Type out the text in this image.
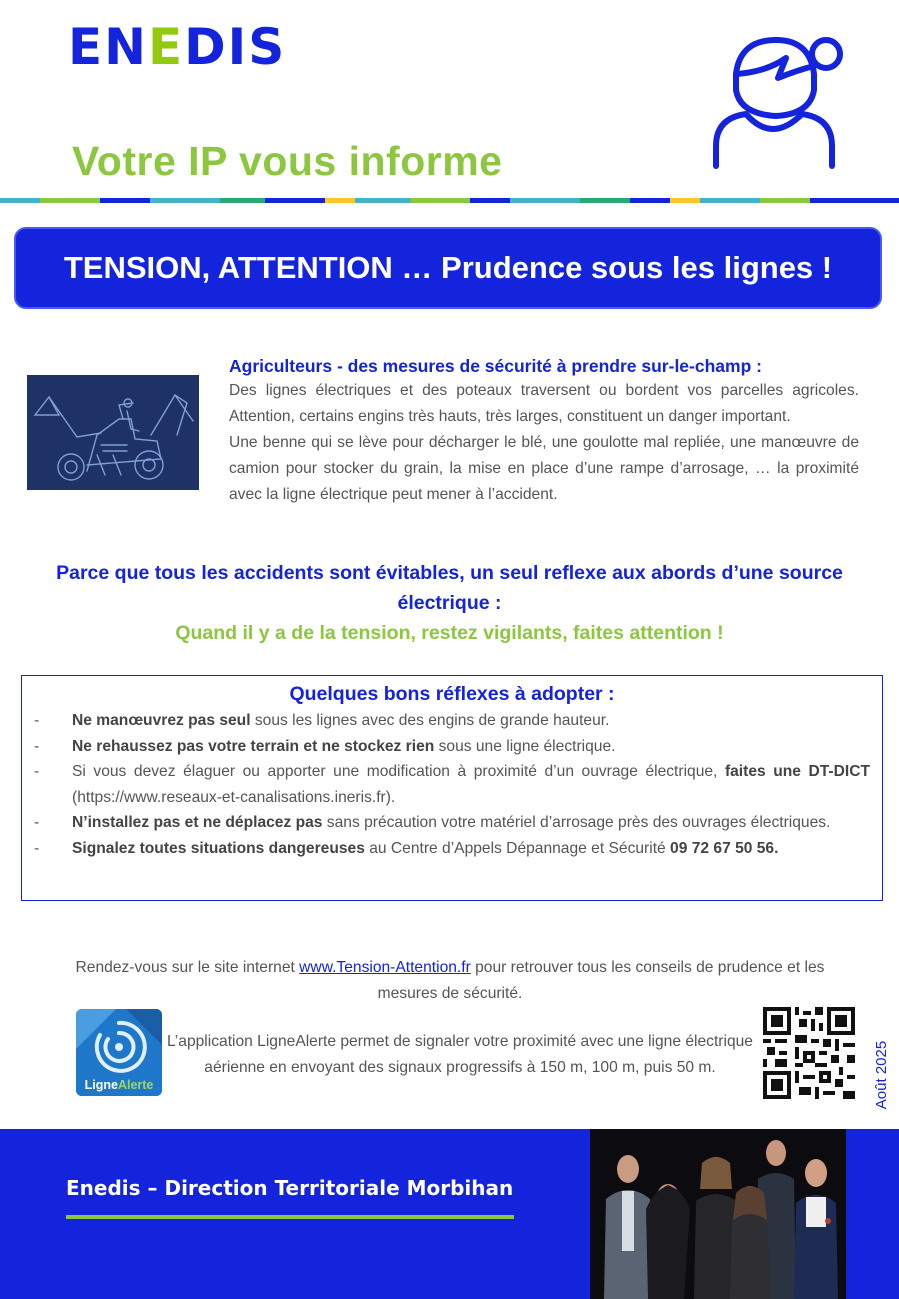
ENEDIS
Votre IP vous informe
TENSION, ATTENTION … Prudence sous les lignes !
Agriculteurs - des mesures de sécurité à prendre sur-le-champ :

Des lignes électriques et des poteaux traversent ou bordent vos parcelles agricoles. Attention, certains engins très hauts, très larges, constituent un danger important.

Une benne qui se lève pour décharger le blé, une goulotte mal repliée, une manœuvre de camion pour stocker du grain, la mise en place d’une rampe d’arrosage, … la proximité avec la ligne électrique peut mener à l’accident.

Parce que tous les accidents sont évitables, un seul reflexe aux abords d’une source électrique :
Quand il y a de la tension, restez vigilants, faites attention !
Quelques bons réflexes à adopter :
- Ne manœuvrez pas seul sous les lignes avec des engins de grande hauteur.
- Ne rehaussez pas votre terrain et ne stockez rien sous une ligne électrique.
- Si vous devez élaguer ou apporter une modification à proximité d’un ouvrage électrique, faites une DT-DICT (https://www.reseaux-et-canalisations.ineris.fr).
- N’installez pas et ne déplacez pas sans précaution votre matériel d’arrosage près des ouvrages électriques.
- Signalez toutes situations dangereuses au Centre d’Appels Dépannage et Sécurité 09 72 67 50 56.
Rendez-vous sur le site internet www.Tension-Attention.fr pour retrouver tous les conseils de prudence et les mesures de sécurité.
LigneAlerte
L’application LigneAlerte permet de signaler votre proximité avec une ligne électrique aérienne en envoyant des signaux progressifs à 150 m, 100 m, puis 50 m.	Août 2025
Enedis – Direction Territoriale Morbihan
